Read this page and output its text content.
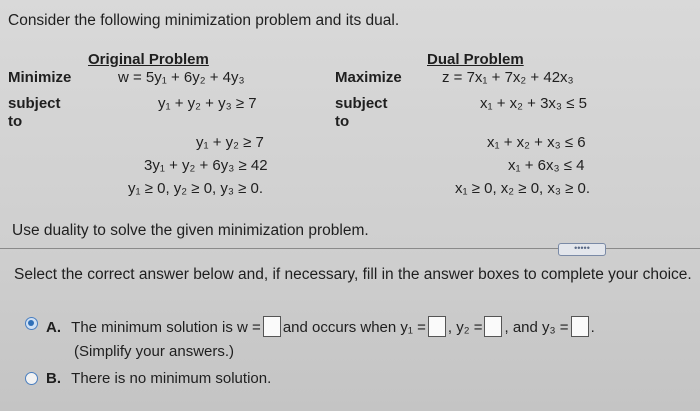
Consider the following minimization problem and its dual.
Original Problem
Minimize	w = 5y₁ + 6y₂ + 4y₃
subject
to
y₁ + y₂ + y₃ ≥ 7
y₁ + y₂ ≥ 7
3y₁ + y₂ + 6y₃ ≥ 42
y₁ ≥ 0, y₂ ≥ 0, y₃ ≥ 0.
Dual Problem
Maximize	z = 7x₁ + 7x₂ + 42x₃
subject
to
x₁ + x₂ + 3x₃ ≤ 5
x₁ + x₂ + x₃ ≤ 6
x₁ + 6x₃ ≤ 4
x₁ ≥ 0, x₂ ≥ 0, x₃ ≥ 0.
Use duality to solve the given minimization problem.
•••••
Select the correct answer below and, if necessary, fill in the answer boxes to complete your choice.
A. The minimum solution is w = and occurs when y₁ = , y₂ = , and y₃ = .
(Simplify your answers.)
B. There is no minimum solution.
